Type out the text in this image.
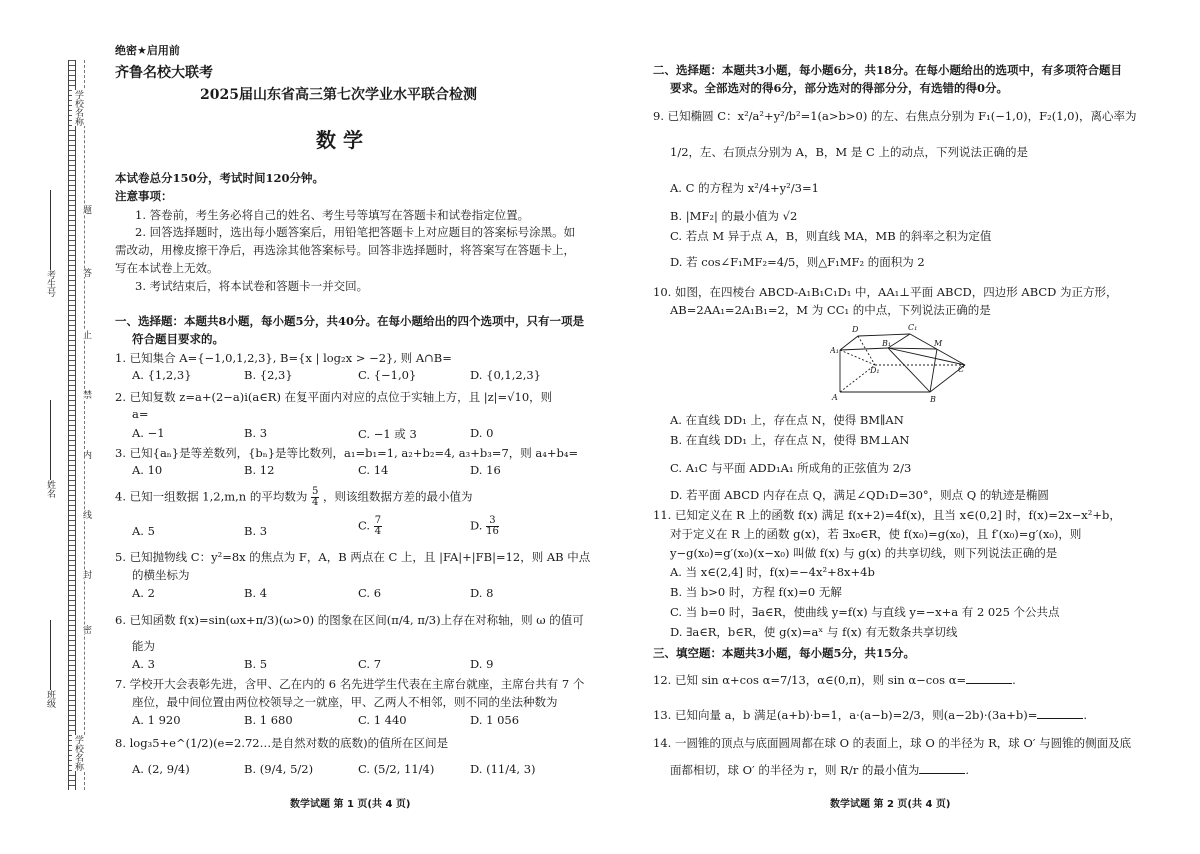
学校名称
考生号
姓名
班级
学校名称
题
答
止
禁
内
线
封
密
绝密★启用前
齐鲁名校大联考
2025届山东省高三第七次学业水平联合检测
数 学
本试卷总分150分，考试时间120分钟。
注意事项：
1. 答卷前，考生务必将自己的姓名、考生号等填写在答题卡和试卷指定位置。
2. 回答选择题时，选出每小题答案后，用铅笔把答题卡上对应题目的答案标号涂黑。如
需改动，用橡皮擦干净后，再选涂其他答案标号。回答非选择题时，将答案写在答题卡上，
写在本试卷上无效。
3. 考试结束后，将本试卷和答题卡一并交回。
一、选择题：本题共8小题，每小题5分，共40分。在每小题给出的四个选项中，只有一项是
符合题目要求的。
1. 已知集合 A={−1,0,1,2,3}, B={x | log₂x > −2}, 则 A∩B=
A. {1,2,3}	B. {2,3}	C. {−1,0}	D. {0,1,2,3}
2. 已知复数 z=a+(2−a)i(a∈R) 在复平面内对应的点位于实轴上方，且 |z|=√10，则
a=
A. −1	B. 3	C. −1 或 3	D. 0
3. 已知{aₙ}是等差数列，{bₙ}是等比数列，a₁=b₁=1, a₂+b₂=4, a₃+b₃=7，则 a₄+b₄=
A. 10	B. 12	C. 14	D. 16
4. 已知一组数据 1,2,m,n 的平均数为 $\frac{5}{4}$ ，则该组数据方差的最小值为
A. 5	B. 3	C. $\frac{7}{4}$	D. $\frac{3}{16}$
5. 已知抛物线 C：y²=8x 的焦点为 F，A，B 两点在 C 上，且 |FA|+|FB|=12，则 AB 中点
的横坐标为
A. 2	B. 4	C. 6	D. 8
6. 已知函数 f(x)=sin(ωx+π/3)(ω>0) 的图象在区间(π/4, π/3)上存在对称轴，则 ω 的值可
能为
A. 3	B. 5	C. 7	D. 9
7. 学校开大会表彰先进，含甲、乙在内的 6 名先进学生代表在主席台就座，主席台共有 7 个
座位，最中间位置由两位校领导之一就座，甲、乙两人不相邻，则不同的坐法种数为
A. 1 920	B. 1 680	C. 1 440	D. 1 056
8. log₃5+e^(1/2)(e=2.72…是自然对数的底数)的值所在区间是
A. (2, 9/4)	B. (9/4, 5/2)	C. (5/2, 11/4)	D. (11/4, 3)
数学试题 第 1 页(共 4 页)
二、选择题：本题共3小题，每小题6分，共18分。在每小题给出的选项中，有多项符合题目
要求。全部选对的得6分，部分选对的得部分分，有选错的得0分。
9. 已知椭圆 C：x²/a²+y²/b²=1(a>b>0) 的左、右焦点分别为 F₁(−1,0)，F₂(1,0)，离心率为
1/2，左、右顶点分别为 A，B，M 是 C 上的动点，下列说法正确的是
A. C 的方程为 x²/4+y²/3=1
B. |MF₂| 的最小值为 √2
C. 若点 M 异于点 A，B，则直线 MA，MB 的斜率之积为定值
D. 若 cos∠F₁MF₂=4/5，则△F₁MF₂ 的面积为 2
10. 如图，在四棱台 ABCD-A₁B₁C₁D₁ 中，AA₁⊥平面 ABCD，四边形 ABCD 为正方形，
AB=2AA₁=2A₁B₁=2，M 为 CC₁ 的中点，下列说法正确的是
D	C₁
A₁
B₁	M
D₁	C
A	B
A. 在直线 DD₁ 上，存在点 N，使得 BM∥AN
B. 在直线 DD₁ 上，存在点 N，使得 BM⊥AN
C. A₁C 与平面 ADD₁A₁ 所成角的正弦值为 2/3
D. 若平面 ABCD 内存在点 Q，满足∠QD₁D=30°，则点 Q 的轨迹是椭圆
11. 已知定义在 R 上的函数 f(x) 满足 f(x+2)=4f(x)，且当 x∈(0,2] 时，f(x)=2x−x²+b，
对于定义在 R 上的函数 g(x)，若 ∃x₀∈R，使 f(x₀)=g(x₀)，且 f′(x₀)=g′(x₀)，则
y−g(x₀)=g′(x₀)(x−x₀) 叫做 f(x) 与 g(x) 的共享切线，则下列说法正确的是
A. 当 x∈(2,4] 时，f(x)=−4x²+8x+4b
B. 当 b>0 时，方程 f(x)=0 无解
C. 当 b=0 时，∃a∈R，使曲线 y=f(x) 与直线 y=−x+a 有 2 025 个公共点
D. ∃a∈R，b∈R，使 g(x)=aˣ 与 f(x) 有无数条共享切线
三、填空题：本题共3小题，每小题5分，共15分。
12. 已知 sin α+cos α=7/13，α∈(0,π)，则 sin α−cos α=	.
13. 已知向量 a，b 满足(a+b)·b=1，a·(a−b)=2/3，则(a−2b)·(3a+b)=	.
14. 一圆锥的顶点与底面圆周都在球 O 的表面上，球 O 的半径为 R，球 O′ 与圆锥的侧面及底
面都相切，球 O′ 的半径为 r，则 R/r 的最小值为	.
数学试题 第 2 页(共 4 页)
